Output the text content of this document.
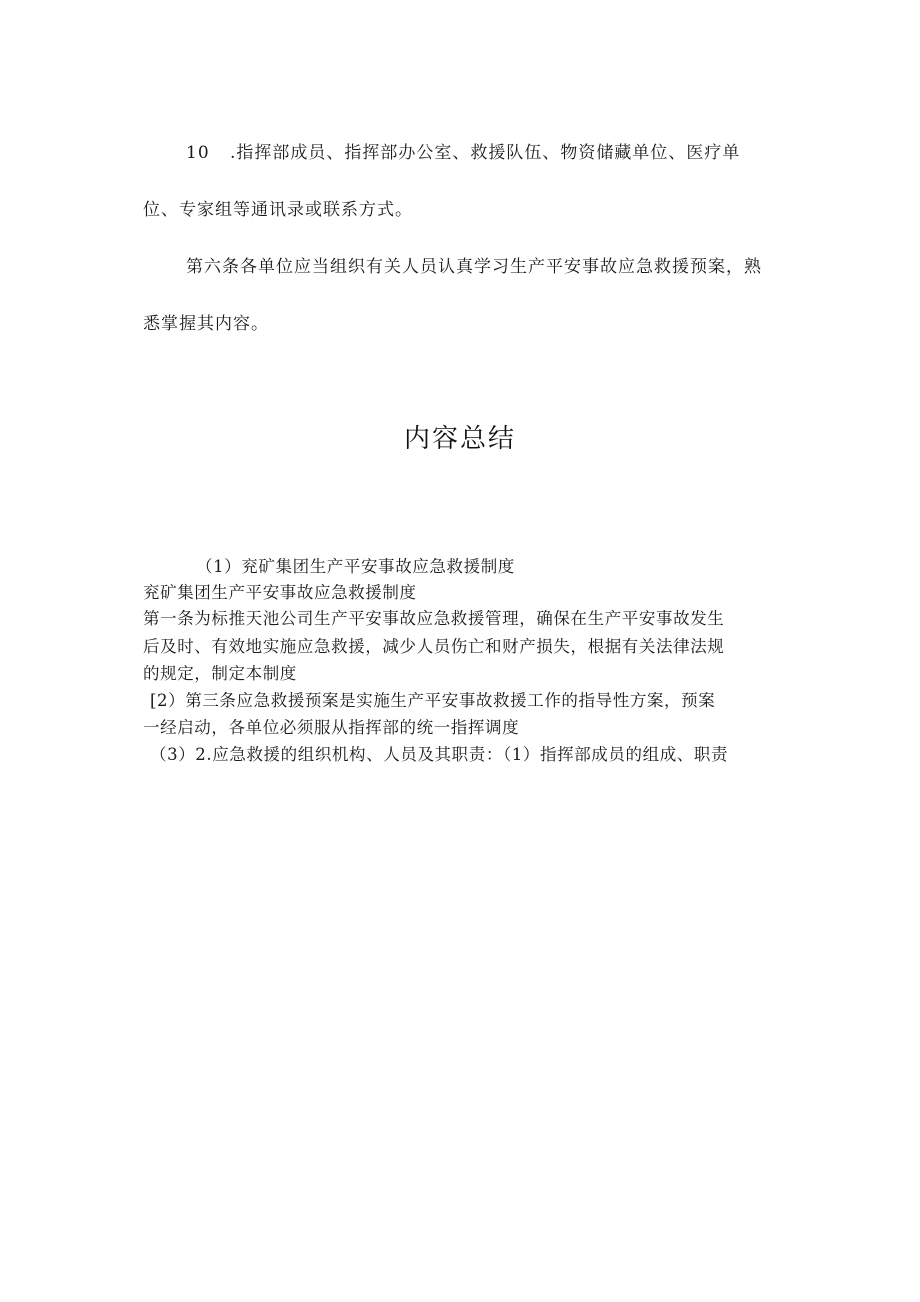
10 .指挥部成员、指挥部办公室、救援队伍、物资储藏单位、医疗单
位、专家组等通讯录或联系方式。
第六条各单位应当组织有关人员认真学习生产平安事故应急救援预案，熟
悉掌握其内容。
内容总结
（1）兖矿集团生产平安事故应急救援制度
兖矿集团生产平安事故应急救援制度
第一条为标推天池公司生产平安事故应急救援管理，确保在生产平安事故发生
后及时、有效地实施应急救援，减少人员伤亡和财产损失，根据有关法律法规
的规定，制定本制度
[2）第三条应急救援预案是实施生产平安事故救援工作的指导性方案，预案
一经启动，各单位必须服从指挥部的统一指挥调度
（3）2.应急救援的组织机构、人员及其职责：（1）指挥部成员的组成、职责
